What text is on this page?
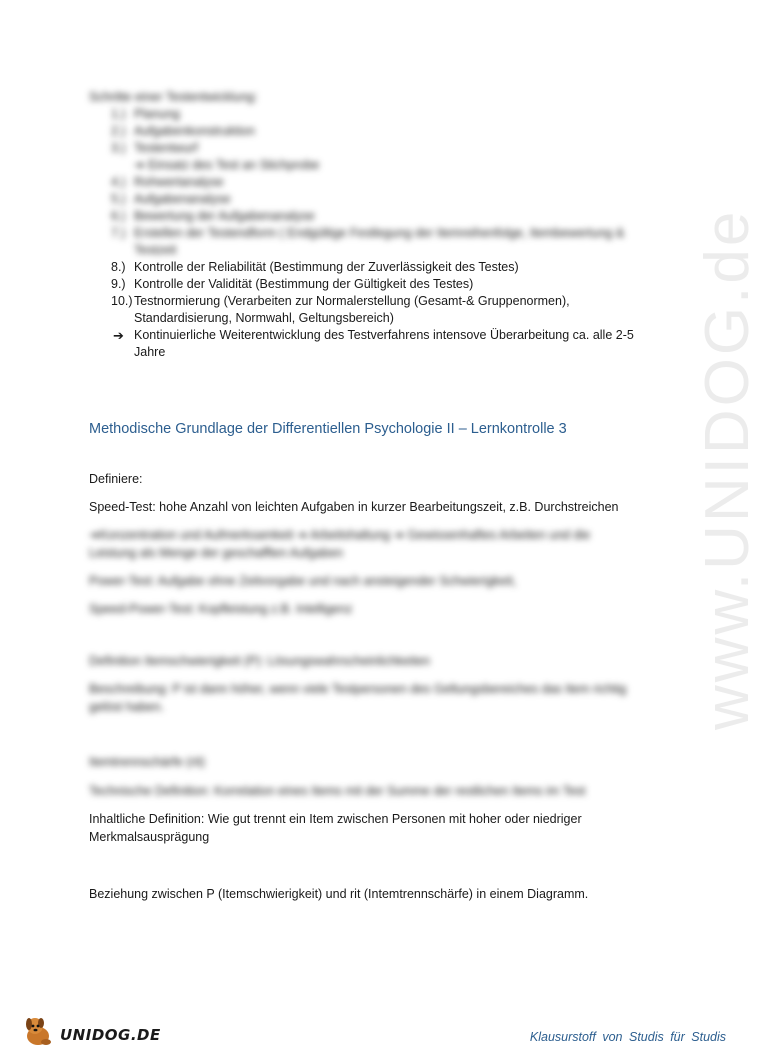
www.UNIDOG.de
Schritte einer Testentwicklung:
1.) Planung
2.) Aufgabenkonstruktion
3.) Testentwurf
➔ Einsatz des Test an Stichprobe
4.) Rohwertanalyse
5.) Aufgabenanalyse
6.) Bewertung der Aufgabenanalyse
7.) Erstellen der Testendform ( Endgültige Festlegung der Itemreihenfolge, Itembewertung &
Testzeit
8.) Kontrolle der Reliabilität (Bestimmung der Zuverlässigkeit des Testes)
9.) Kontrolle der Validität (Bestimmung der Gültigkeit des Testes)
10.) Testnormierung (Verarbeiten zur Normalerstellung (Gesamt-& Gruppenormen),
Standardisierung, Normwahl, Geltungsbereich)
➔ Kontinuierliche Weiterentwicklung des Testverfahrens intensove Überarbeitung ca. alle 2-5
Jahre
Methodische Grundlage der Differentiellen Psychologie II – Lernkontrolle 3
Definiere:
Speed-Test: hohe Anzahl von leichten Aufgaben in kurzer Bearbeitungszeit, z.B. Durchstreichen
➔Konzentration und Aufmerksamkeit ➔ Arbeitshaltung ➔ Gewissenhaftes Arbeiten und die
Leistung als Menge der geschafften Aufgaben
Power-Test: Aufgabe ohne Zeitvorgabe und nach ansteigender Schwierigkeit,
Speed-Power-Test: Kopfleistung z.B. Intelligenz
Definition Itemschwierigkeit (P): Lösungswahrscheinlichkeiten
Beschreibung: P ist dann höher, wenn viele Testpersonen des Geltungsbereiches das Item richtig
gelöst haben.
Itemtrennschärfe (rit)
Technische Definition: Korrelation eines Items mit der Summe der restlichen Items im Test
Inhaltliche Definition: Wie gut trennt ein Item zwischen Personen mit hoher oder niedriger
Merkmalsausprägung
Beziehung zwischen P (Itemschwierigkeit) und rit (Intemtrennschärfe) in einem Diagramm.
UNIDOG.DE	Klausurstoff von Studis für Studis
